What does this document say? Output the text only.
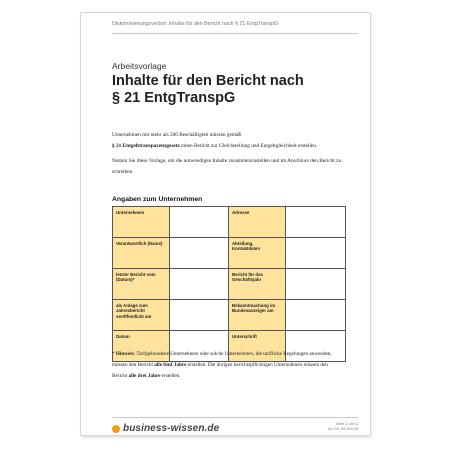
Diskriminierungsverbot: Inhalte für den Bericht nach § 21 EntgTranspG
Arbeitsvorlage
Inhalte für den Bericht nach
§ 21 EntgTranspG

Unternehmen mit mehr als 500 Beschäftigten müssen gemäß
§ 21 Entgelttransparenzgesetz einen Bericht zur Gleichstellung und Entgeltgleichheit erstellen.

Nutzen Sie diese Vorlage, um die notwendigen Inhalte zusammenzustellen und im Anschluss den Bericht zu schreiben.

Angaben zum Unternehmen
Unternehmen		Adresse	
Verantwortlich (Name)		Abteilung, Kontaktdaten	
letzter Bericht vom (Datum)*		Bericht für das Geschäftsjahr	
als Anlage zum Jahresbericht veröffentlicht am		Bekanntmachung im Bundesanzeiger am	
Datum		Unterschrift	
* Hinweis: Tarifgebundene Unternehmen oder solche Unternehmen, die tarifliche Regelungen anwenden, müssen den Bericht alle fünf Jahre erstellen. Die übrigen berichtspflichtigen Unternehmen müssen den Bericht alle drei Jahre erstellen.
business-wissen.de	Seite 1 von 3
Art.-Nr. 99.250.05
